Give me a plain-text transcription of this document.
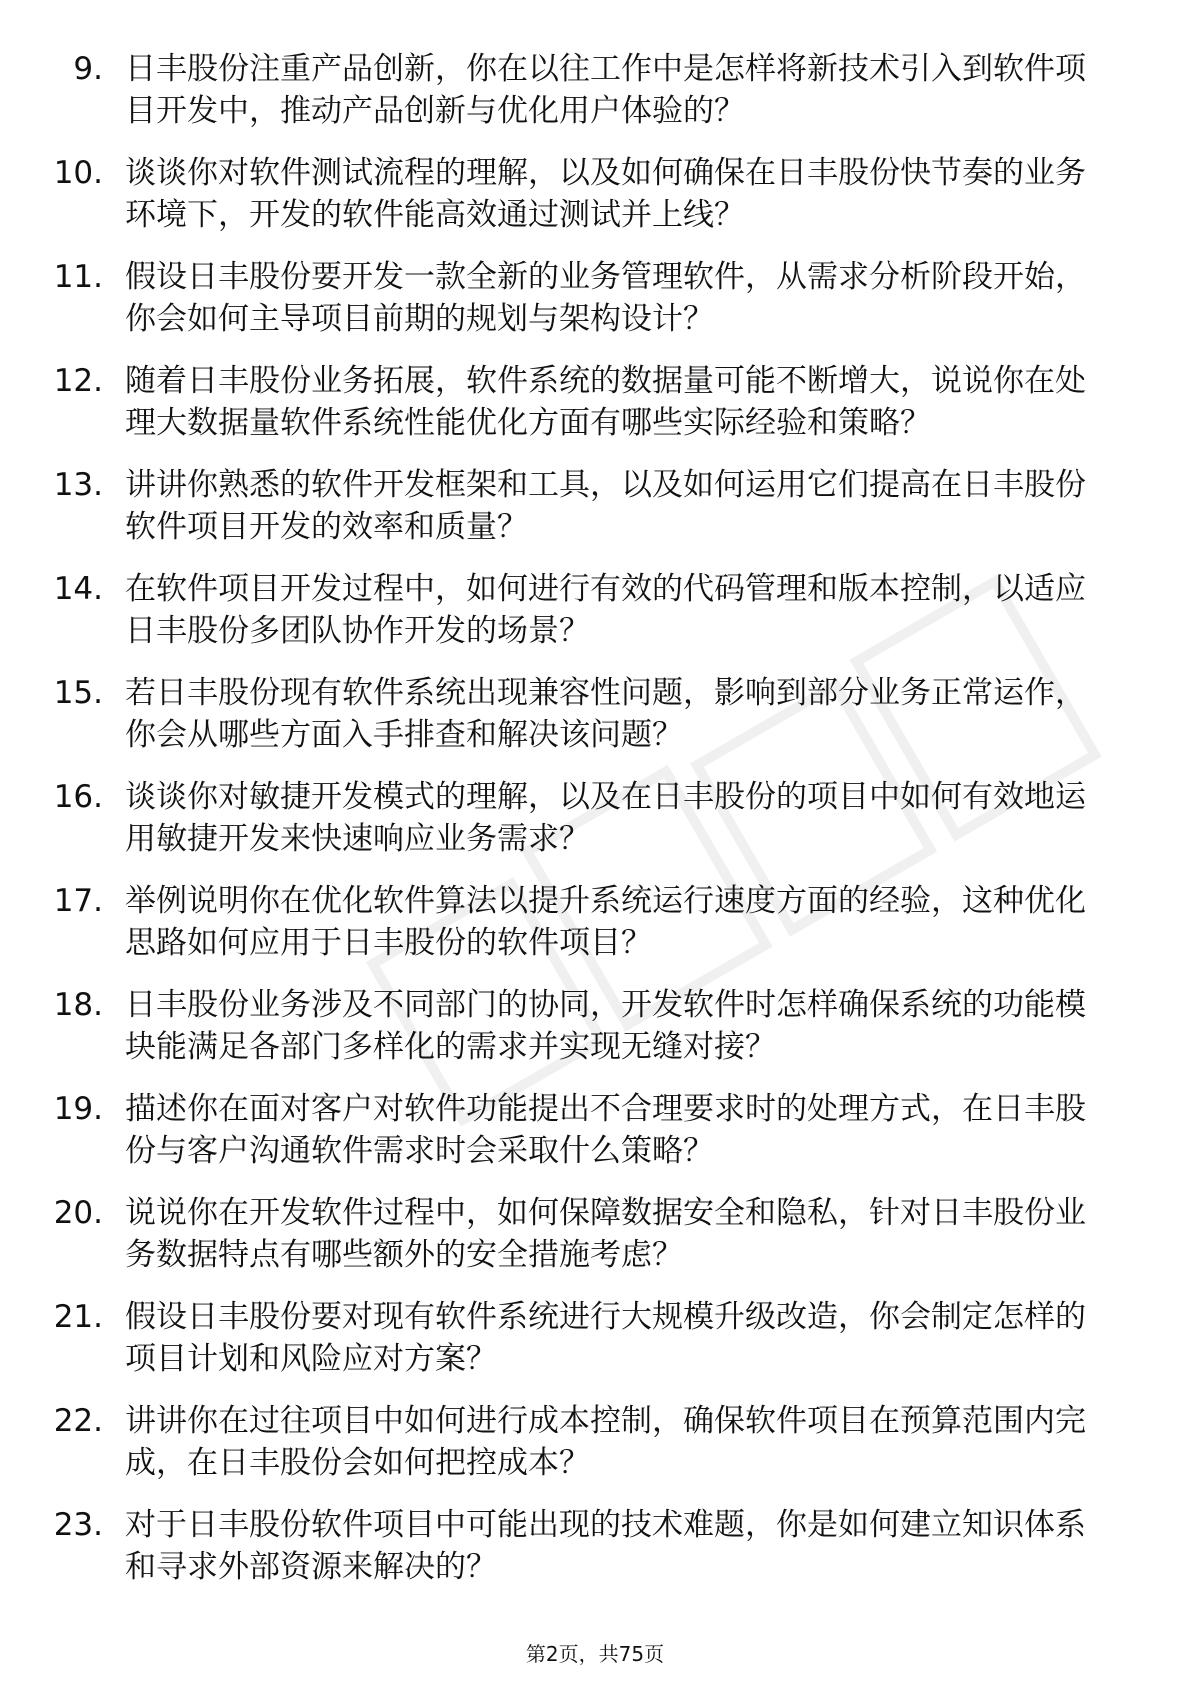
9. 日丰股份注重产品创新，你在以往工作中是怎样将新技术引入到软件项目开发中，推动产品创新与优化用户体验的？
10. 谈谈你对软件测试流程的理解，以及如何确保在日丰股份快节奏的业务环境下，开发的软件能高效通过测试并上线？
11. 假设日丰股份要开发一款全新的业务管理软件，从需求分析阶段开始，你会如何主导项目前期的规划与架构设计？
12. 随着日丰股份业务拓展，软件系统的数据量可能不断增大，说说你在处理大数据量软件系统性能优化方面有哪些实际经验和策略？
13. 讲讲你熟悉的软件开发框架和工具，以及如何运用它们提高在日丰股份软件项目开发的效率和质量？
14. 在软件项目开发过程中，如何进行有效的代码管理和版本控制，以适应日丰股份多团队协作开发的场景？
15. 若日丰股份现有软件系统出现兼容性问题，影响到部分业务正常运作，你会从哪些方面入手排查和解决该问题？
16. 谈谈你对敏捷开发模式的理解，以及在日丰股份的项目中如何有效地运用敏捷开发来快速响应业务需求？
17. 举例说明你在优化软件算法以提升系统运行速度方面的经验，这种优化思路如何应用于日丰股份的软件项目？
18. 日丰股份业务涉及不同部门的协同，开发软件时怎样确保系统的功能模块能满足各部门多样化的需求并实现无缝对接？
19. 描述你在面对客户对软件功能提出不合理要求时的处理方式，在日丰股份与客户沟通软件需求时会采取什么策略？
20. 说说你在开发软件过程中，如何保障数据安全和隐私，针对日丰股份业务数据特点有哪些额外的安全措施考虑？
21. 假设日丰股份要对现有软件系统进行大规模升级改造，你会制定怎样的项目计划和风险应对方案？
22. 讲讲你在过往项目中如何进行成本控制，确保软件项目在预算范围内完成，在日丰股份会如何把控成本？
23. 对于日丰股份软件项目中可能出现的技术难题，你是如何建立知识体系和寻求外部资源来解决的？
第2页，共75页
